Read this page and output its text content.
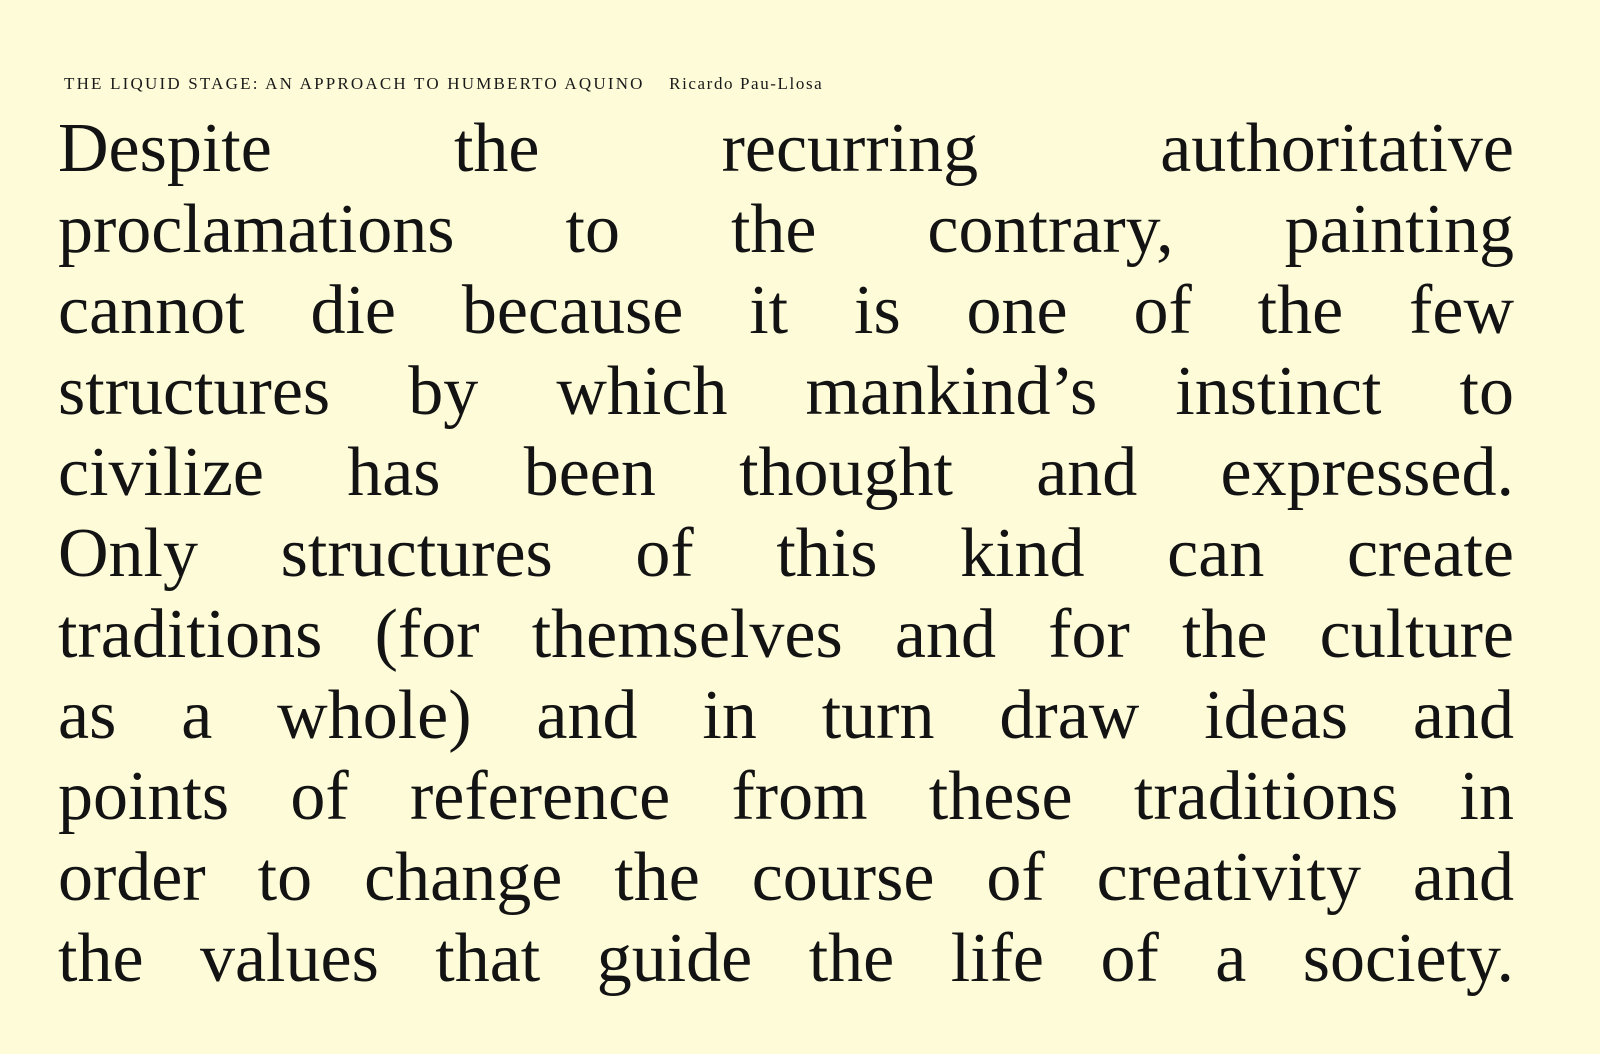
THE LIQUID STAGE: AN APPROACH TO HUMBERTO AQUINO Ricardo Pau-Llosa
Despite the recurring authoritative
proclamations to the contrary, painting
cannot die because it is one of the few
structures by which mankind’s instinct to
civilize has been thought and expressed.
Only structures of this kind can create
traditions (for themselves and for the culture
as a whole) and in turn draw ideas and
points of reference from these traditions in
order to change the course of creativity and
the values that guide the life of a society.
